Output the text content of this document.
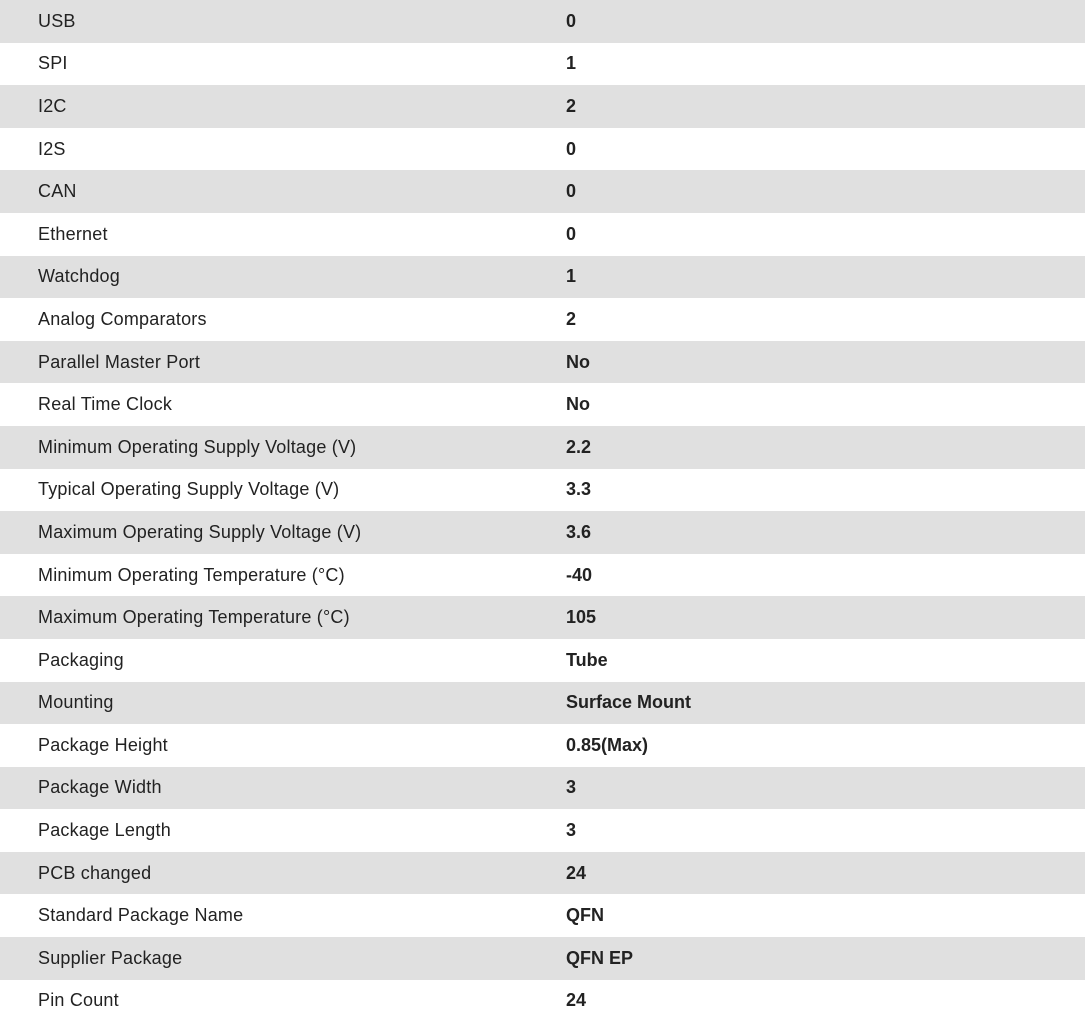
USB	0
SPI	1
I2C	2
I2S	0
CAN	0
Ethernet	0
Watchdog	1
Analog Comparators	2
Parallel Master Port	No
Real Time Clock	No
Minimum Operating Supply Voltage (V)	2.2
Typical Operating Supply Voltage (V)	3.3
Maximum Operating Supply Voltage (V)	3.6
Minimum Operating Temperature (°C)	-40
Maximum Operating Temperature (°C)	105
Packaging	Tube
Mounting	Surface Mount
Package Height	0.85(Max)
Package Width	3
Package Length	3
PCB changed	24
Standard Package Name	QFN
Supplier Package	QFN EP
Pin Count	24
